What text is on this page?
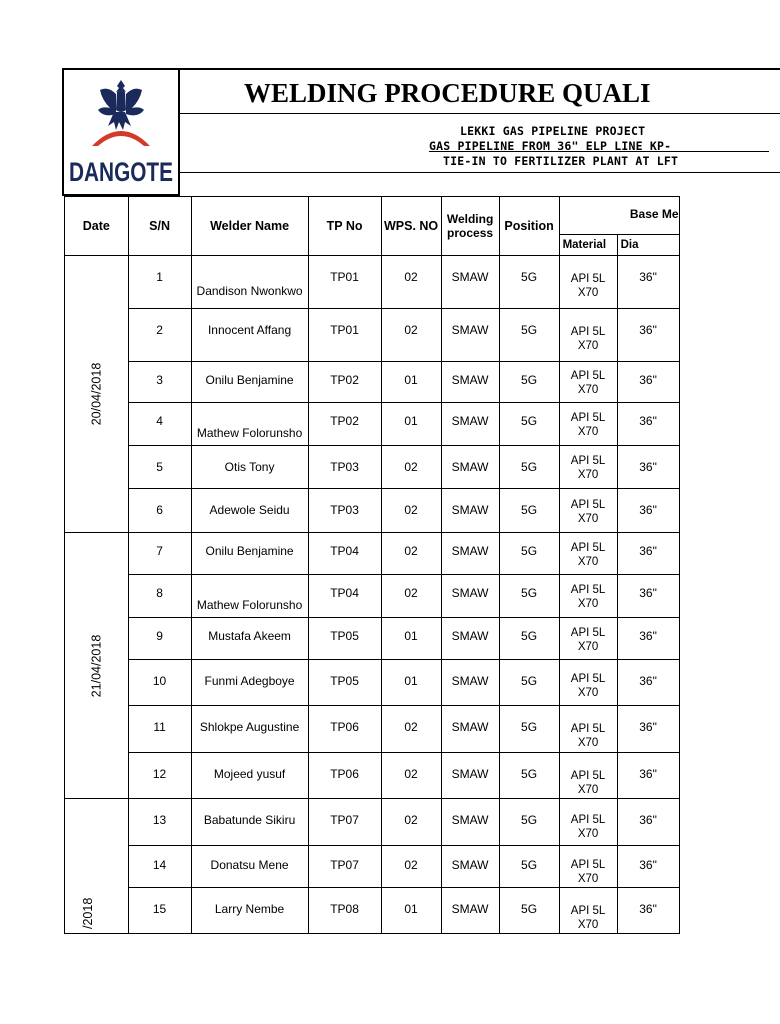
DANGOTE
WELDING PROCEDURE QUALI
LEKKI GAS PIPELINE PROJECT
GAS PIPELINE FROM 36" ELP LINE KP-
TIE-IN TO FERTILIZER PLANT AT LFT
Date	S/N	Welder Name	TP No	WPS. NO	Welding process	Position	Base Me	
							Material	Dia
20/04/2018	1	Dandison Nwonkwo	TP01	02	SMAW	5G	API 5L
X70	36"
	2	Innocent Affang	TP01	02	SMAW	5G	API 5L
X70	36"
	3	Onilu Benjamine	TP02	01	SMAW	5G	API 5L
X70	36"
	4	Mathew Folorunsho	TP02	01	SMAW	5G	API 5L
X70	36"
	5	Otis Tony	TP03	02	SMAW	5G	API 5L
X70	36"
	6	Adewole Seidu	TP03	02	SMAW	5G	API 5L
X70	36"
21/04/2018	7	Onilu Benjamine	TP04	02	SMAW	5G	API 5L
X70	36"
	8	Mathew Folorunsho	TP04	02	SMAW	5G	API 5L
X70	36"
	9	Mustafa Akeem	TP05	01	SMAW	5G	API 5L
X70	36"
	10	Funmi Adegboye	TP05	01	SMAW	5G	API 5L
X70	36"
	11	Shlokpe Augustine	TP06	02	SMAW	5G	API 5L
X70	36"
	12	Mojeed yusuf	TP06	02	SMAW	5G	API 5L
X70	36"

/2018	13	Babatunde Sikiru	TP07	02	SMAW	5G	API 5L
X70	36"
	14	Donatsu Mene	TP07	02	SMAW	5G	API 5L
X70	36"
	15	Larry Nembe	TP08	01	SMAW	5G	API 5L
X70	36"
